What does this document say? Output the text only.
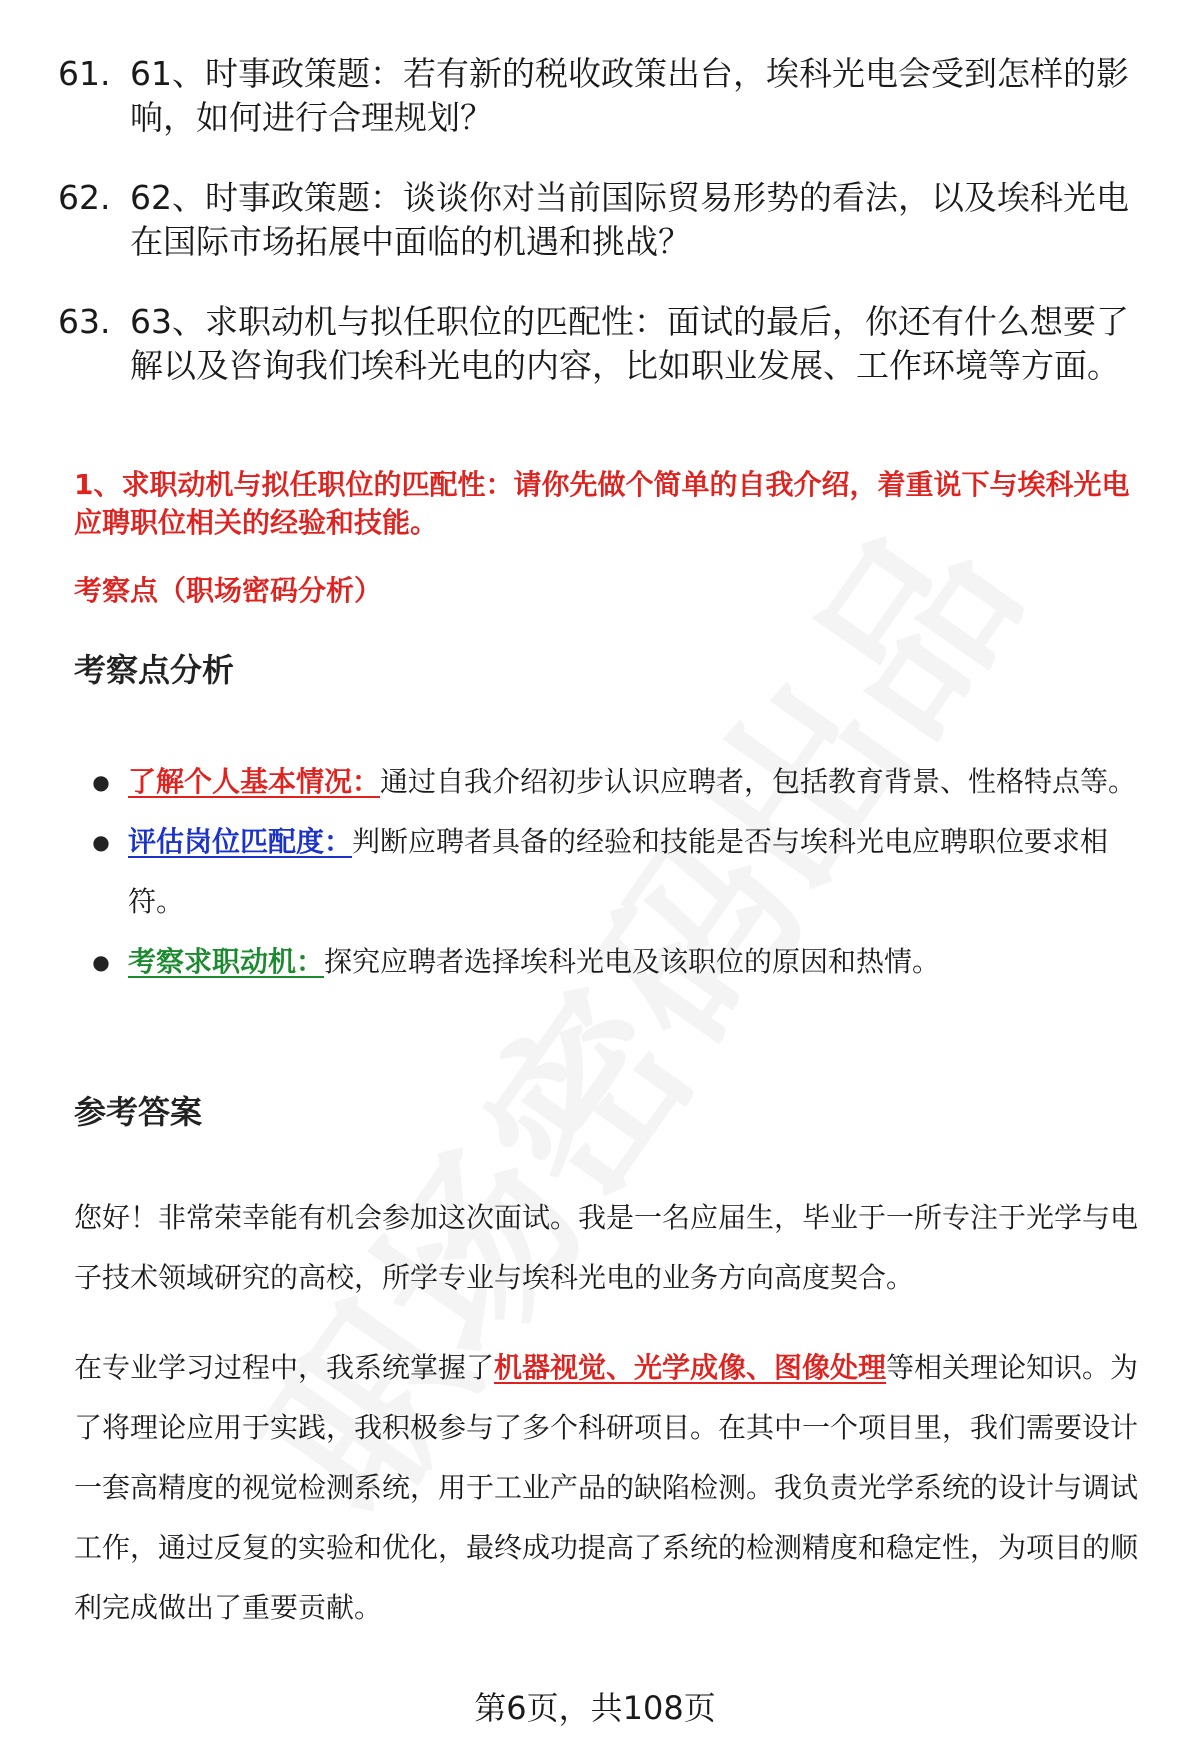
61. 61、时事政策题：若有新的税收政策出台，埃科光电会受到怎样的影响，如何进行合理规划？
62. 62、时事政策题：谈谈你对当前国际贸易形势的看法，以及埃科光电在国际市场拓展中面临的机遇和挑战？
63. 63、求职动机与拟任职位的匹配性：面试的最后，你还有什么想要了解以及咨询我们埃科光电的内容，比如职业发展、工作环境等方面。
1、求职动机与拟任职位的匹配性：请你先做个简单的自我介绍，着重说下与埃科光电应聘职位相关的经验和技能。
考察点（职场密码分析）
考察点分析
● 了解个人基本情况：通过自我介绍初步认识应聘者，包括教育背景、性格特点等。
● 评估岗位匹配度：判断应聘者具备的经验和技能是否与埃科光电应聘职位要求相符。
● 考察求职动机：探究应聘者选择埃科光电及该职位的原因和热情。
参考答案
您好！非常荣幸能有机会参加这次面试。我是一名应届生，毕业于一所专注于光学与电子技术领域研究的高校，所学专业与埃科光电的业务方向高度契合。
在专业学习过程中，我系统掌握了机器视觉、光学成像、图像处理等相关理论知识。为了将理论应用于实践，我积极参与了多个科研项目。在其中一个项目里，我们需要设计一套高精度的视觉检测系统，用于工业产品的缺陷检测。我负责光学系统的设计与调试工作，通过反复的实验和优化，最终成功提高了系统的检测精度和稳定性，为项目的顺利完成做出了重要贡献。
第6页，共108页
